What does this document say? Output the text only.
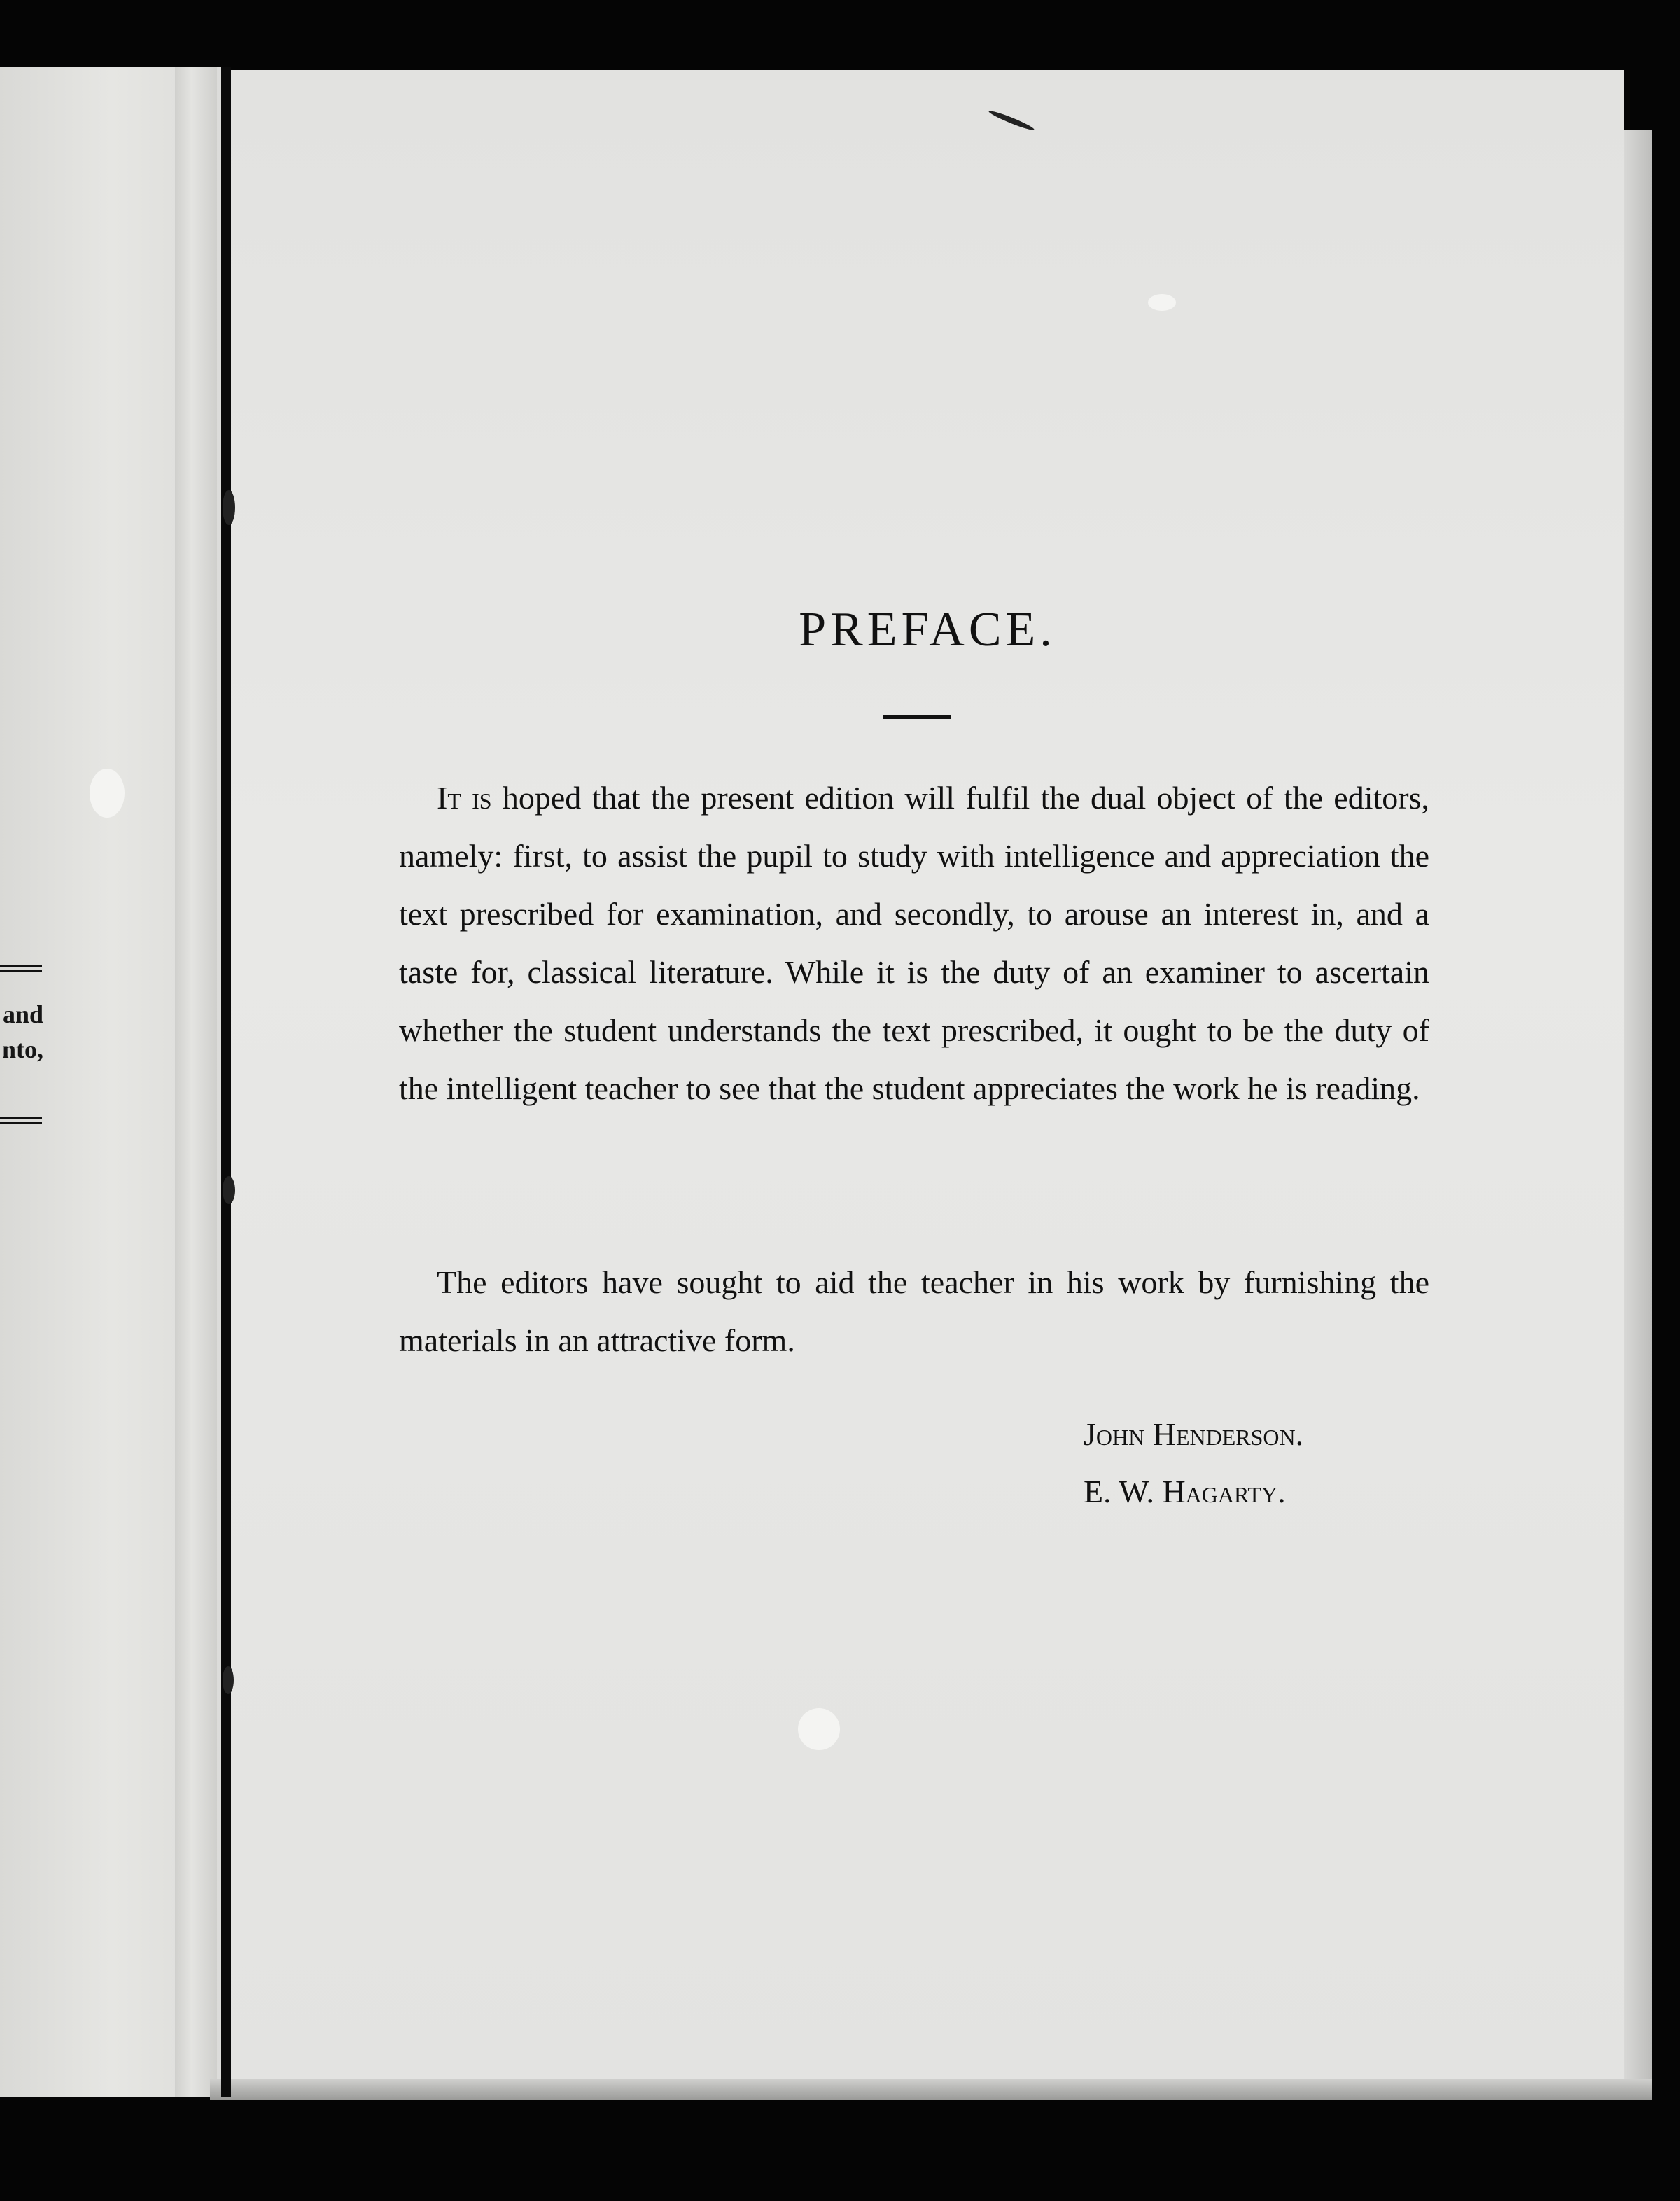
and
nto,
PREFACE.

It is hoped that the present edition will fulfil the dual object of the editors, namely: first, to assist the pupil to study with intelligence and appreciation the text prescribed for examination, and secondly, to arouse an interest in, and a taste for, classical literature. While it is the duty of an examiner to ascertain whether the student understands the text prescribed, it ought to be the duty of the intelligent teacher to see that the student appreciates the work he is reading.

The editors have sought to aid the teacher in his work by furnishing the materials in an attractive form.

John Henderson.
E. W. Hagarty.
